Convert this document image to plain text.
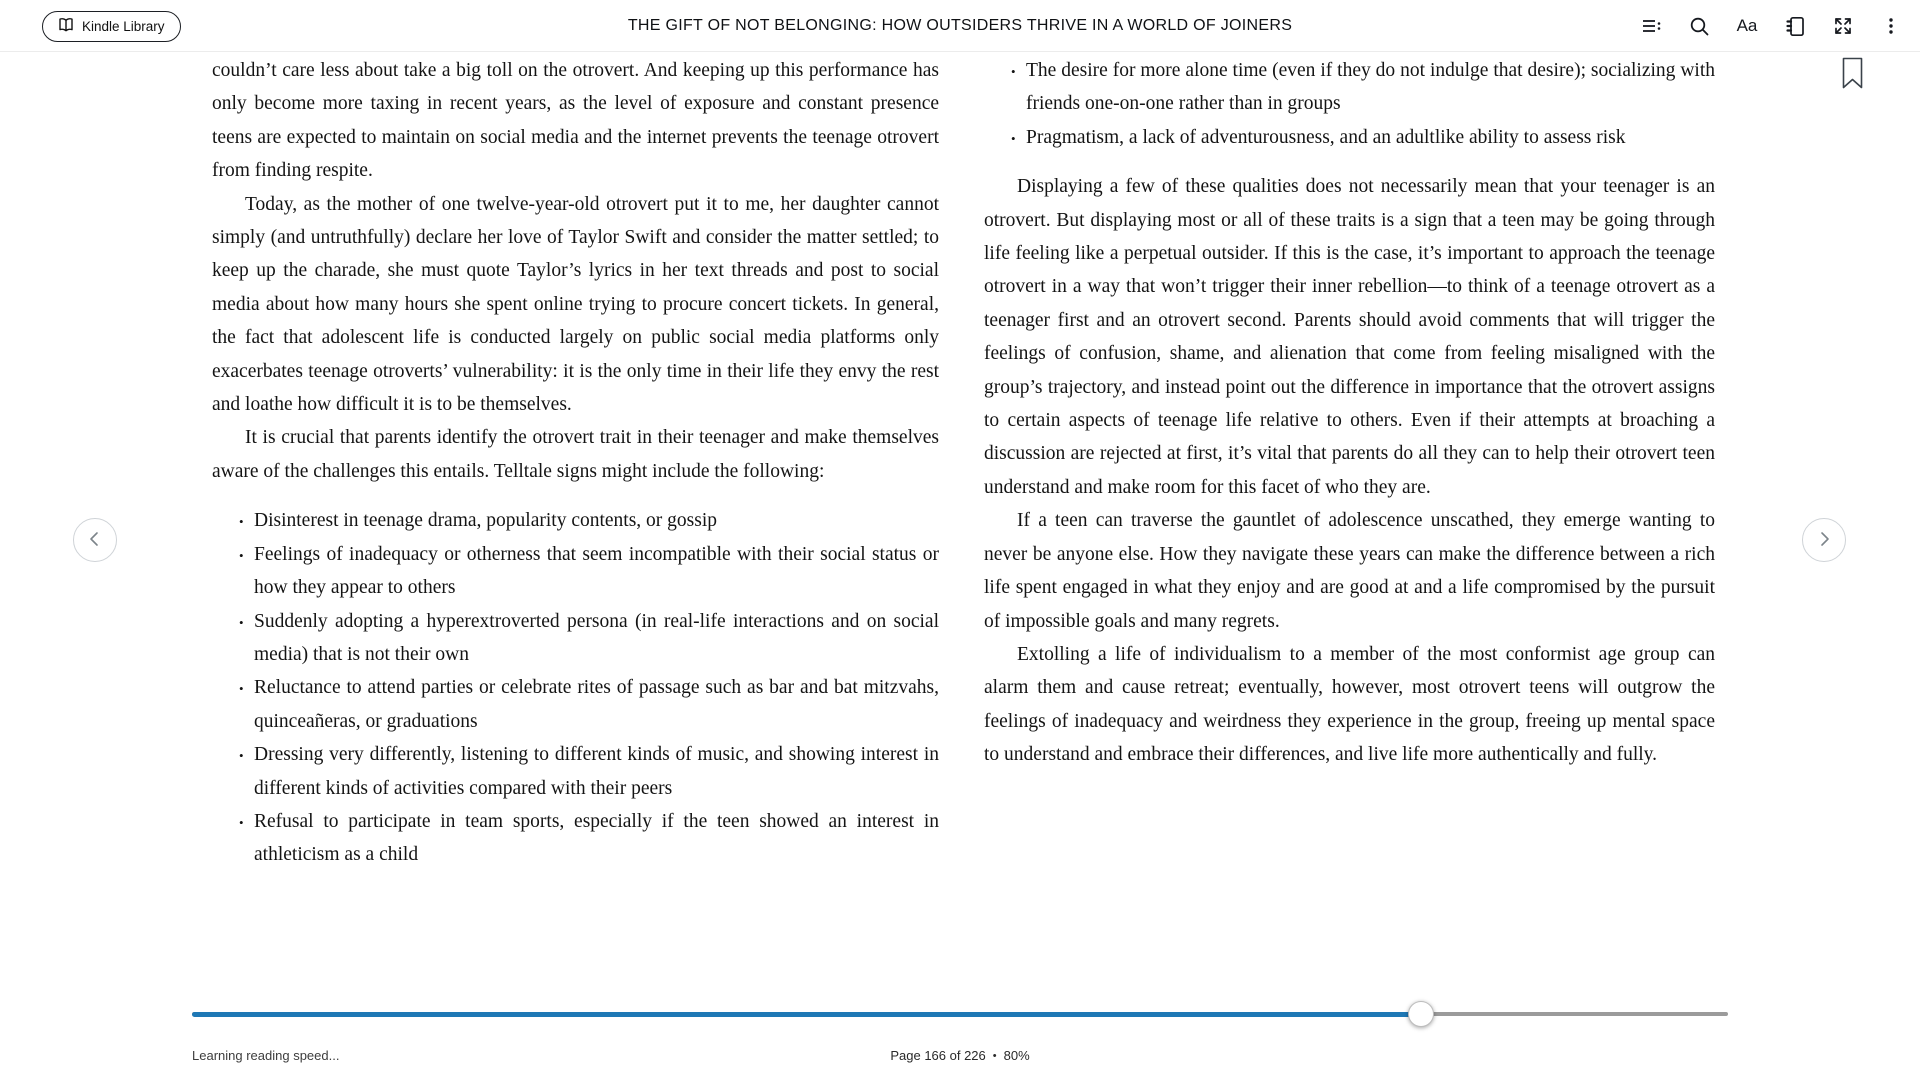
Kindle Library	THE GIFT OF NOT BELONGING: HOW OUTSIDERS THRIVE IN A WORLD OF JOINERS	Aa

couldn’t care less about take a big toll on the otrovert. And keeping up this performance has only become more taxing in recent years, as the level of exposure and constant presence teens are expected to maintain on social media and the internet prevents the teenage otrovert from finding respite.

Today, as the mother of one twelve-year-old otrovert put it to me, her daughter cannot simply (and untruthfully) declare her love of Taylor Swift and consider the matter settled; to keep up the charade, she must quote Taylor’s lyrics in her text threads and post to social media about how many hours she spent online trying to procure concert tickets. In general, the fact that adolescent life is conducted largely on public social media platforms only exacerbates teenage otroverts’ vulnerability: it is the only time in their life they envy the rest and loathe how difficult it is to be themselves.

It is crucial that parents identify the otrovert trait in their teenager and make themselves aware of the challenges this entails. Telltale signs might include the following:

• Disinterest in teenage drama, popularity contents, or gossip
• Feelings of inadequacy or otherness that seem incompatible with their social status or how they appear to others
• Suddenly adopting a hyperextroverted persona (in real-life interactions and on social media) that is not their own
• Reluctance to attend parties or celebrate rites of passage such as bar and bat mitzvahs, quinceañeras, or graduations
• Dressing very differently, listening to different kinds of music, and showing interest in different kinds of activities compared with their peers
• Refusal to participate in team sports, especially if the teen showed an interest in athleticism as a child
• The desire for more alone time (even if they do not indulge that desire); socializing with friends one-on-one rather than in groups
• Pragmatism, a lack of adventurousness, and an adultlike ability to assess risk

Displaying a few of these qualities does not necessarily mean that your teenager is an otrovert. But displaying most or all of these traits is a sign that a teen may be going through life feeling like a perpetual outsider. If this is the case, it’s important to approach the teenage otrovert in a way that won’t trigger their inner rebellion—to think of a teenage otrovert as a teenager first and an otrovert second. Parents should avoid comments that will trigger the feelings of confusion, shame, and alienation that come from feeling misaligned with the group’s trajectory, and instead point out the difference in importance that the otrovert assigns to certain aspects of teenage life relative to others. Even if their attempts at broaching a discussion are rejected at first, it’s vital that parents do all they can to help their otrovert teen understand and make room for this facet of who they are.

If a teen can traverse the gauntlet of adolescence unscathed, they emerge wanting to never be anyone else. How they navigate these years can make the difference between a rich life spent engaged in what they enjoy and are good at and a life compromised by the pursuit of impossible goals and many regrets.

Extolling a life of individualism to a member of the most conformist age group can alarm them and cause retreat; eventually, however, most otrovert teens will outgrow the feelings of inadequacy and weirdness they experience in the group, freeing up mental space to understand and embrace their differences, and live life more authentically and fully.

Learning reading speed...	Page 166 of 226 • 80%
